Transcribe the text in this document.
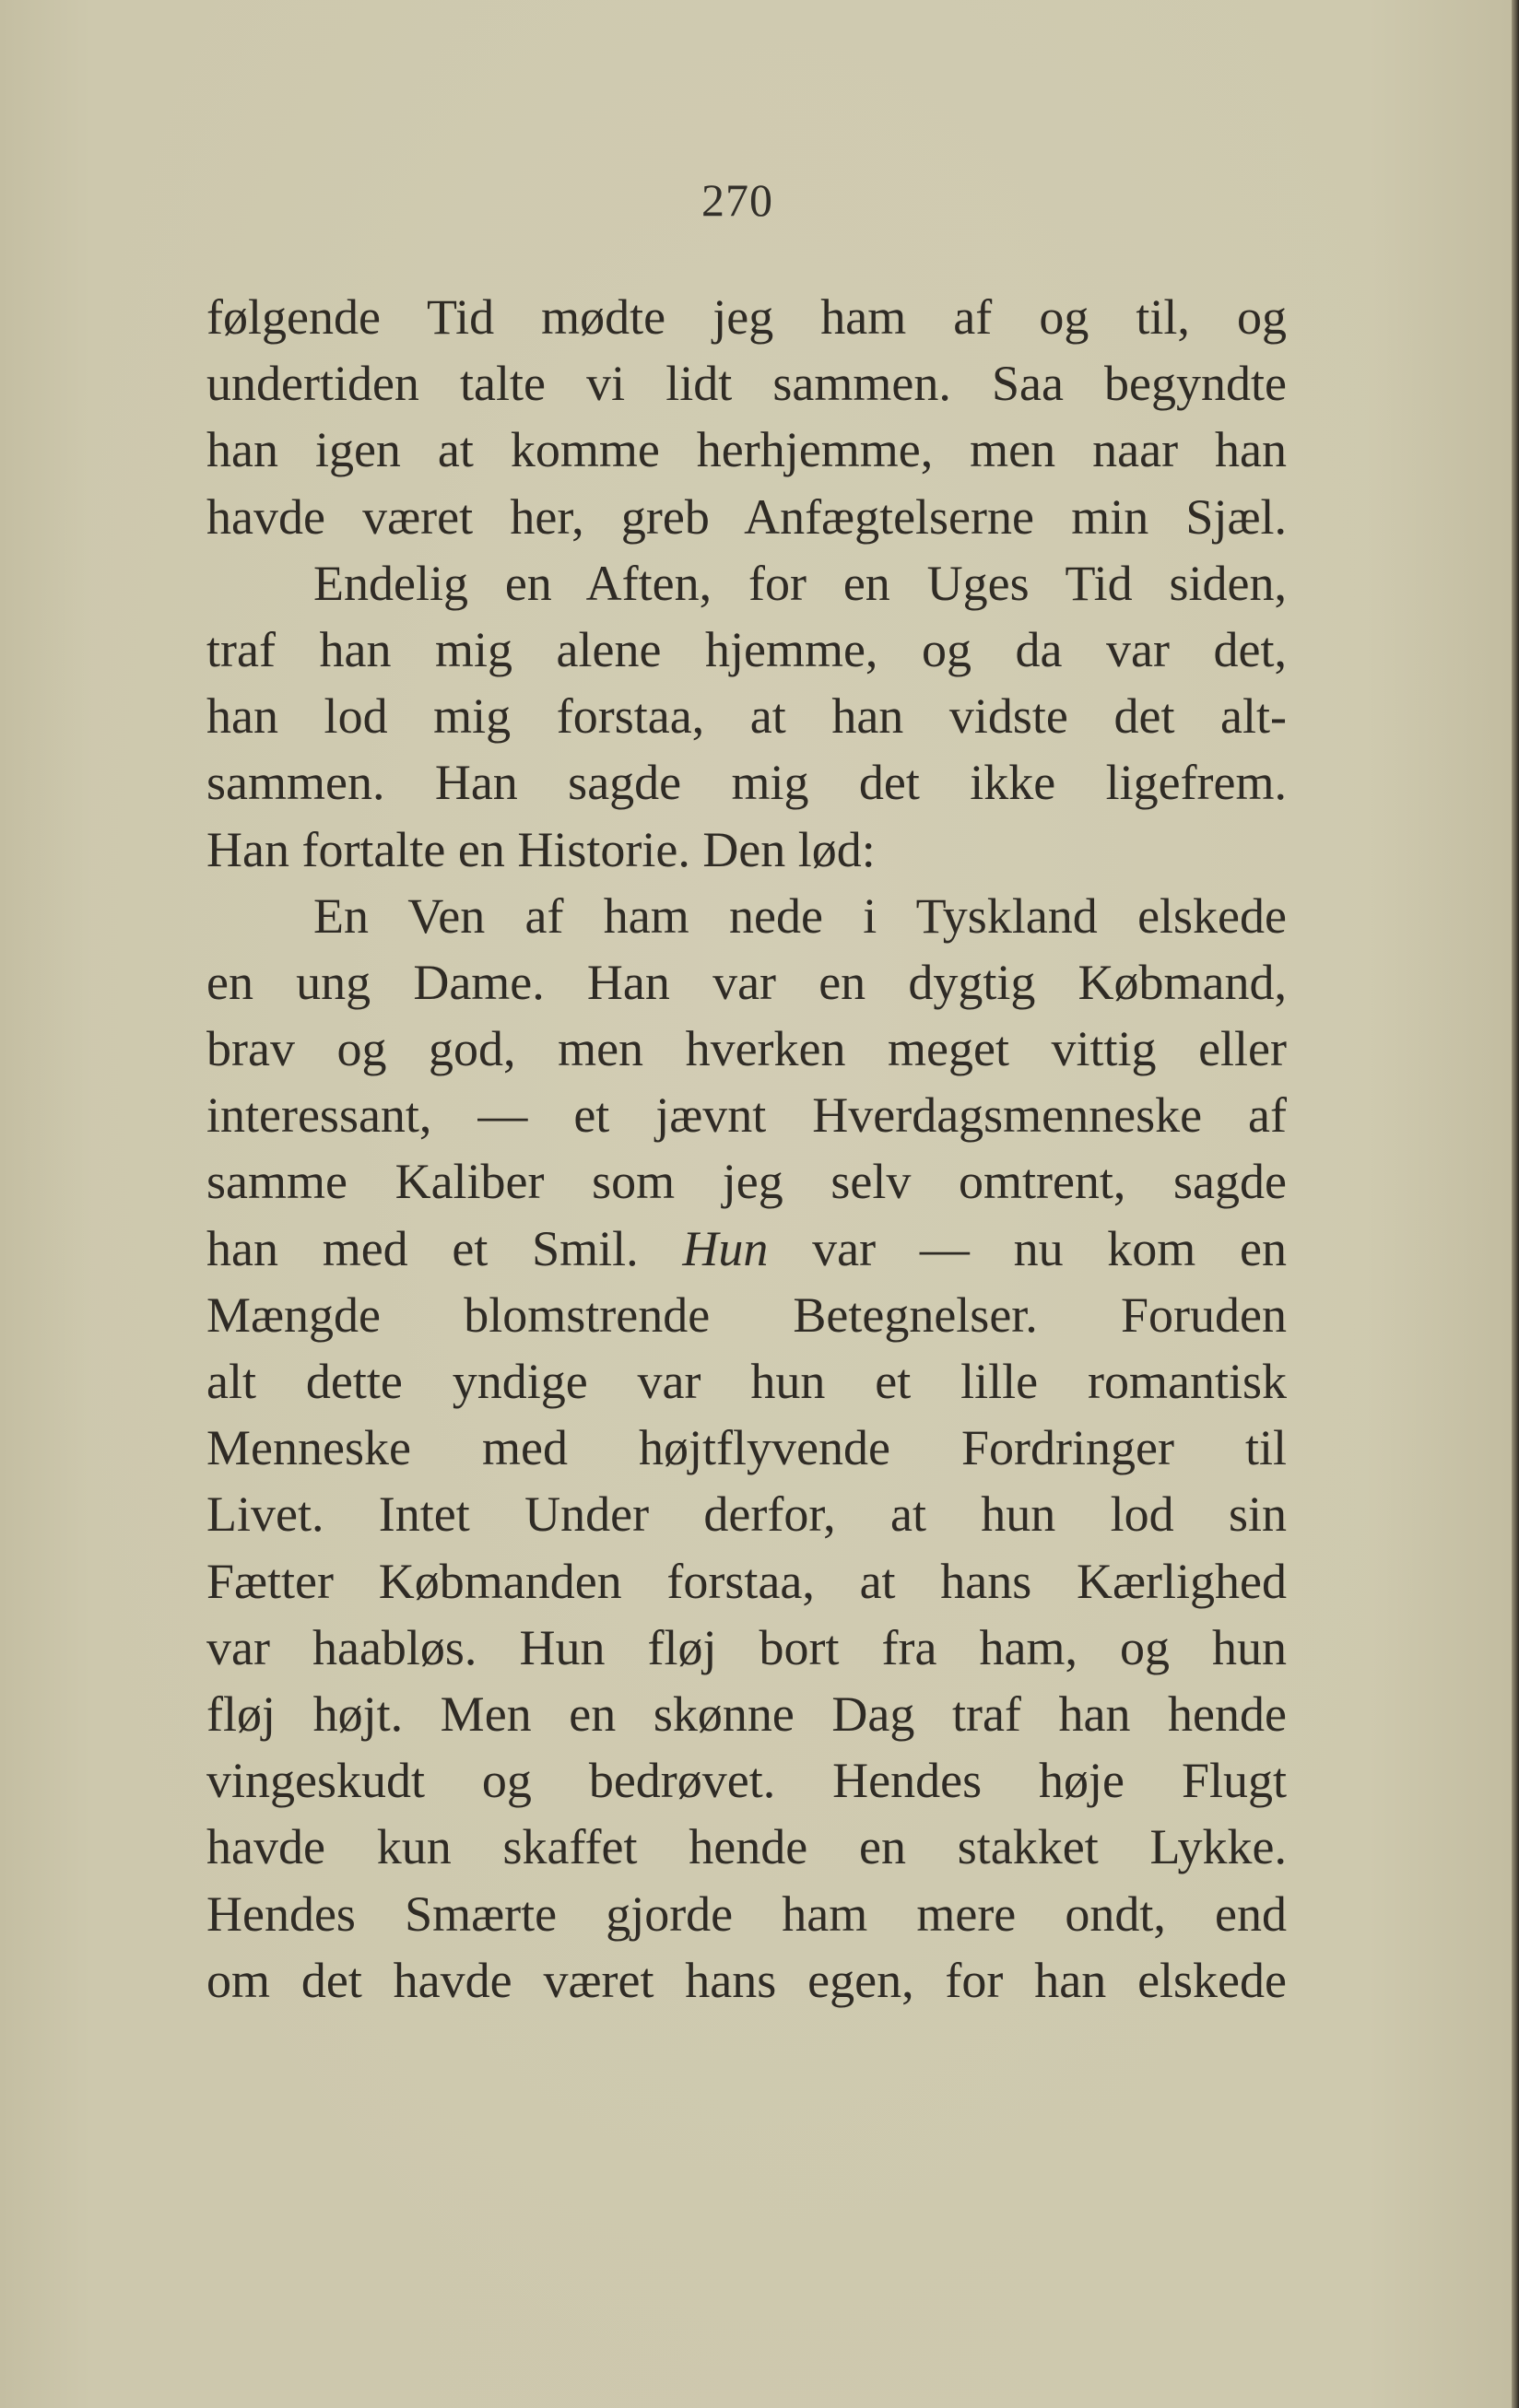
270
følgende Tid mødte jeg ham af og til, og
undertiden talte vi lidt sammen. Saa begyndte
han igen at komme herhjemme, men naar han
havde været her, greb Anfægtelserne min Sjæl.
Endelig en Aften, for en Uges Tid siden,
traf han mig alene hjemme, og da var det,
han lod mig forstaa, at han vidste det alt-
sammen. Han sagde mig det ikke ligefrem.
Han fortalte en Historie. Den lød:
En Ven af ham nede i Tyskland elskede
en ung Dame. Han var en dygtig Købmand,
brav og god, men hverken meget vittig eller
interessant, — et jævnt Hverdagsmenneske af
samme Kaliber som jeg selv omtrent, sagde
han med et Smil. Hun var — nu kom en
Mængde blomstrende Betegnelser. Foruden
alt dette yndige var hun et lille romantisk
Menneske med højtflyvende Fordringer til
Livet. Intet Under derfor, at hun lod sin
Fætter Købmanden forstaa, at hans Kærlighed
var haabløs. Hun fløj bort fra ham, og hun
fløj højt. Men en skønne Dag traf han hende
vingeskudt og bedrøvet. Hendes høje Flugt
havde kun skaffet hende en stakket Lykke.
Hendes Smærte gjorde ham mere ondt, end
om det havde været hans egen, for han elskede
